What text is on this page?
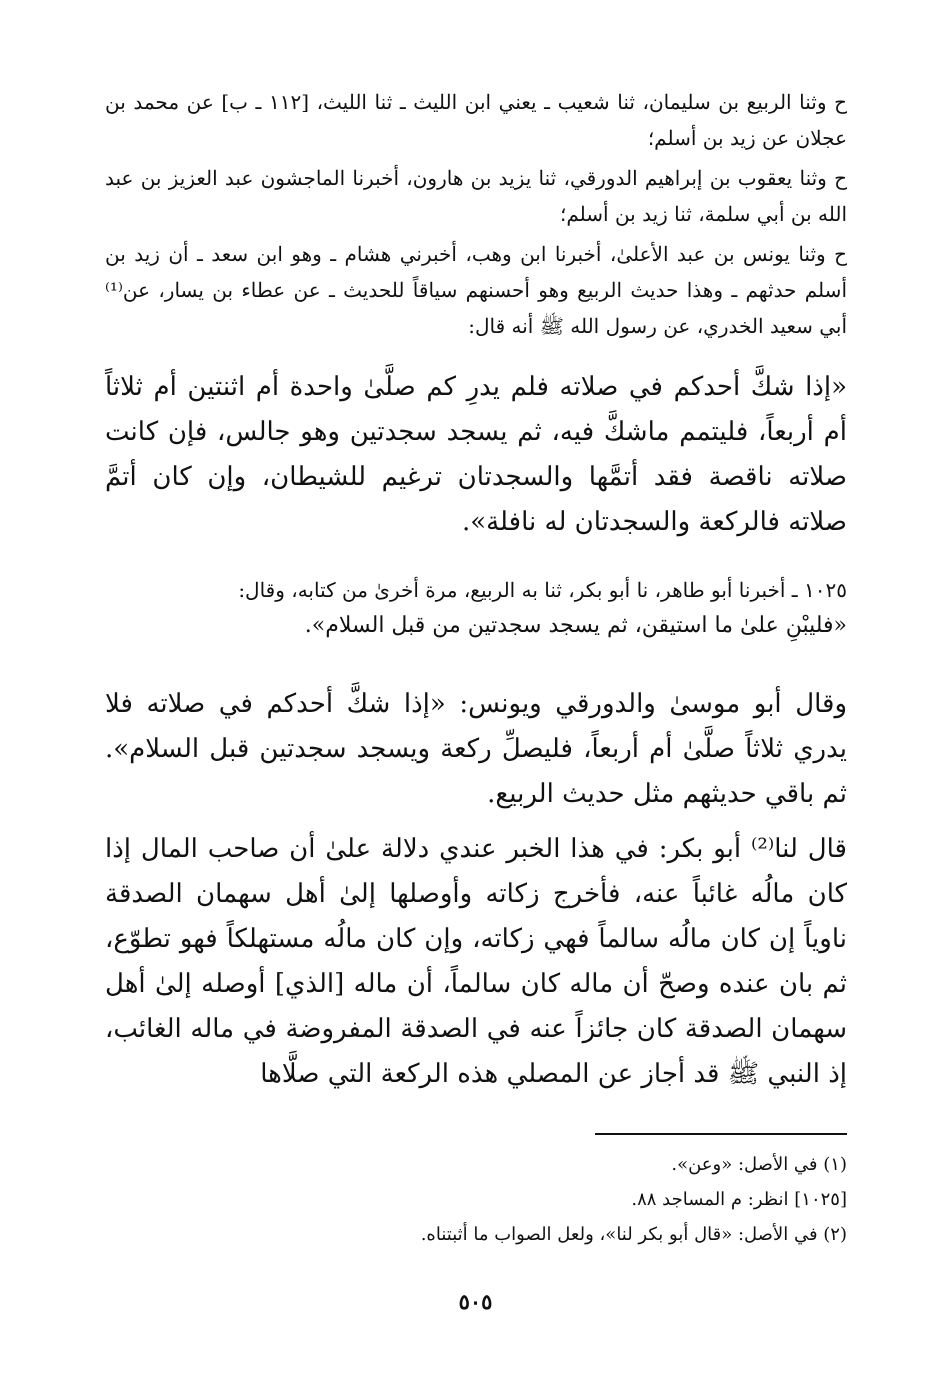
ح وثنا الربيع بن سليمان، ثنا شعيب ـ يعني ابن الليث ـ ثنا الليث، [١١٢ ـ ب] عن محمد بن عجلان عن زيد بن أسلم؛

ح وثنا يعقوب بن إبراهيم الدورقي، ثنا يزيد بن هارون، أخبرنا الماجشون عبد العزيز بن عبد الله بن أبي سلمة، ثنا زيد بن أسلم؛

ح وثنا يونس بن عبد الأعلىٰ، أخبرنا ابن وهب، أخبرني هشام ـ وهو ابن سعد ـ أن زيد بن أسلم حدثهم ـ وهذا حديث الربيع وهو أحسنهم سياقاً للحديث ـ عن عطاء بن يسار، عن⁽¹⁾ أبي سعيد الخدري، عن رسول الله ﷺ أنه قال:

«إذا شكَّ أحدكم في صلاته فلم يدرِ كم صلَّىٰ واحدة أم اثنتين أم ثلاثاً أم أربعاً، فليتمم ماشكَّ فيه، ثم يسجد سجدتين وهو جالس، فإن كانت صلاته ناقصة فقد أتمَّها والسجدتان ترغيم للشيطان، وإن كان أتمَّ صلاته فالركعة والسجدتان له نافلة».

١٠٢٥ ـ أخبرنا أبو طاهر، نا أبو بكر، ثنا به الربيع، مرة أخرىٰ من كتابه، وقال:

«فليبْنِ علىٰ ما استيقن، ثم يسجد سجدتين من قبل السلام».

وقال أبو موسىٰ والدورقي ويونس: «إذا شكَّ أحدكم في صلاته فلا يدري ثلاثاً صلَّىٰ أم أربعاً، فليصلِّ ركعة ويسجد سجدتين قبل السلام». ثم باقي حديثهم مثل حديث الربيع.
قال لنا⁽²⁾ أبو بكر: في هذا الخبر عندي دلالة علىٰ أن صاحب المال إذا كان مالُه غائباً عنه، فأخرج زكاته وأوصلها إلىٰ أهل سهمان الصدقة ناوياً إن كان مالُه سالماً فهي زكاته، وإن كان مالُه مستهلكاً فهو تطوّع، ثم بان عنده وصحّ أن ماله كان سالماً، أن ماله [الذي] أوصله إلىٰ أهل سهمان الصدقة كان جائزاً عنه في الصدقة المفروضة في ماله الغائب، إذ النبي ﷺ قد أجاز عن المصلي هذه الركعة التي صلَّاها

(١) في الأصل: «وعن».

[١٠٢٥] انظر: م المساجد ٨٨.

(٢) في الأصل: «قال أبو بكر لنا»، ولعل الصواب ما أثبتناه.

٥٠٥
